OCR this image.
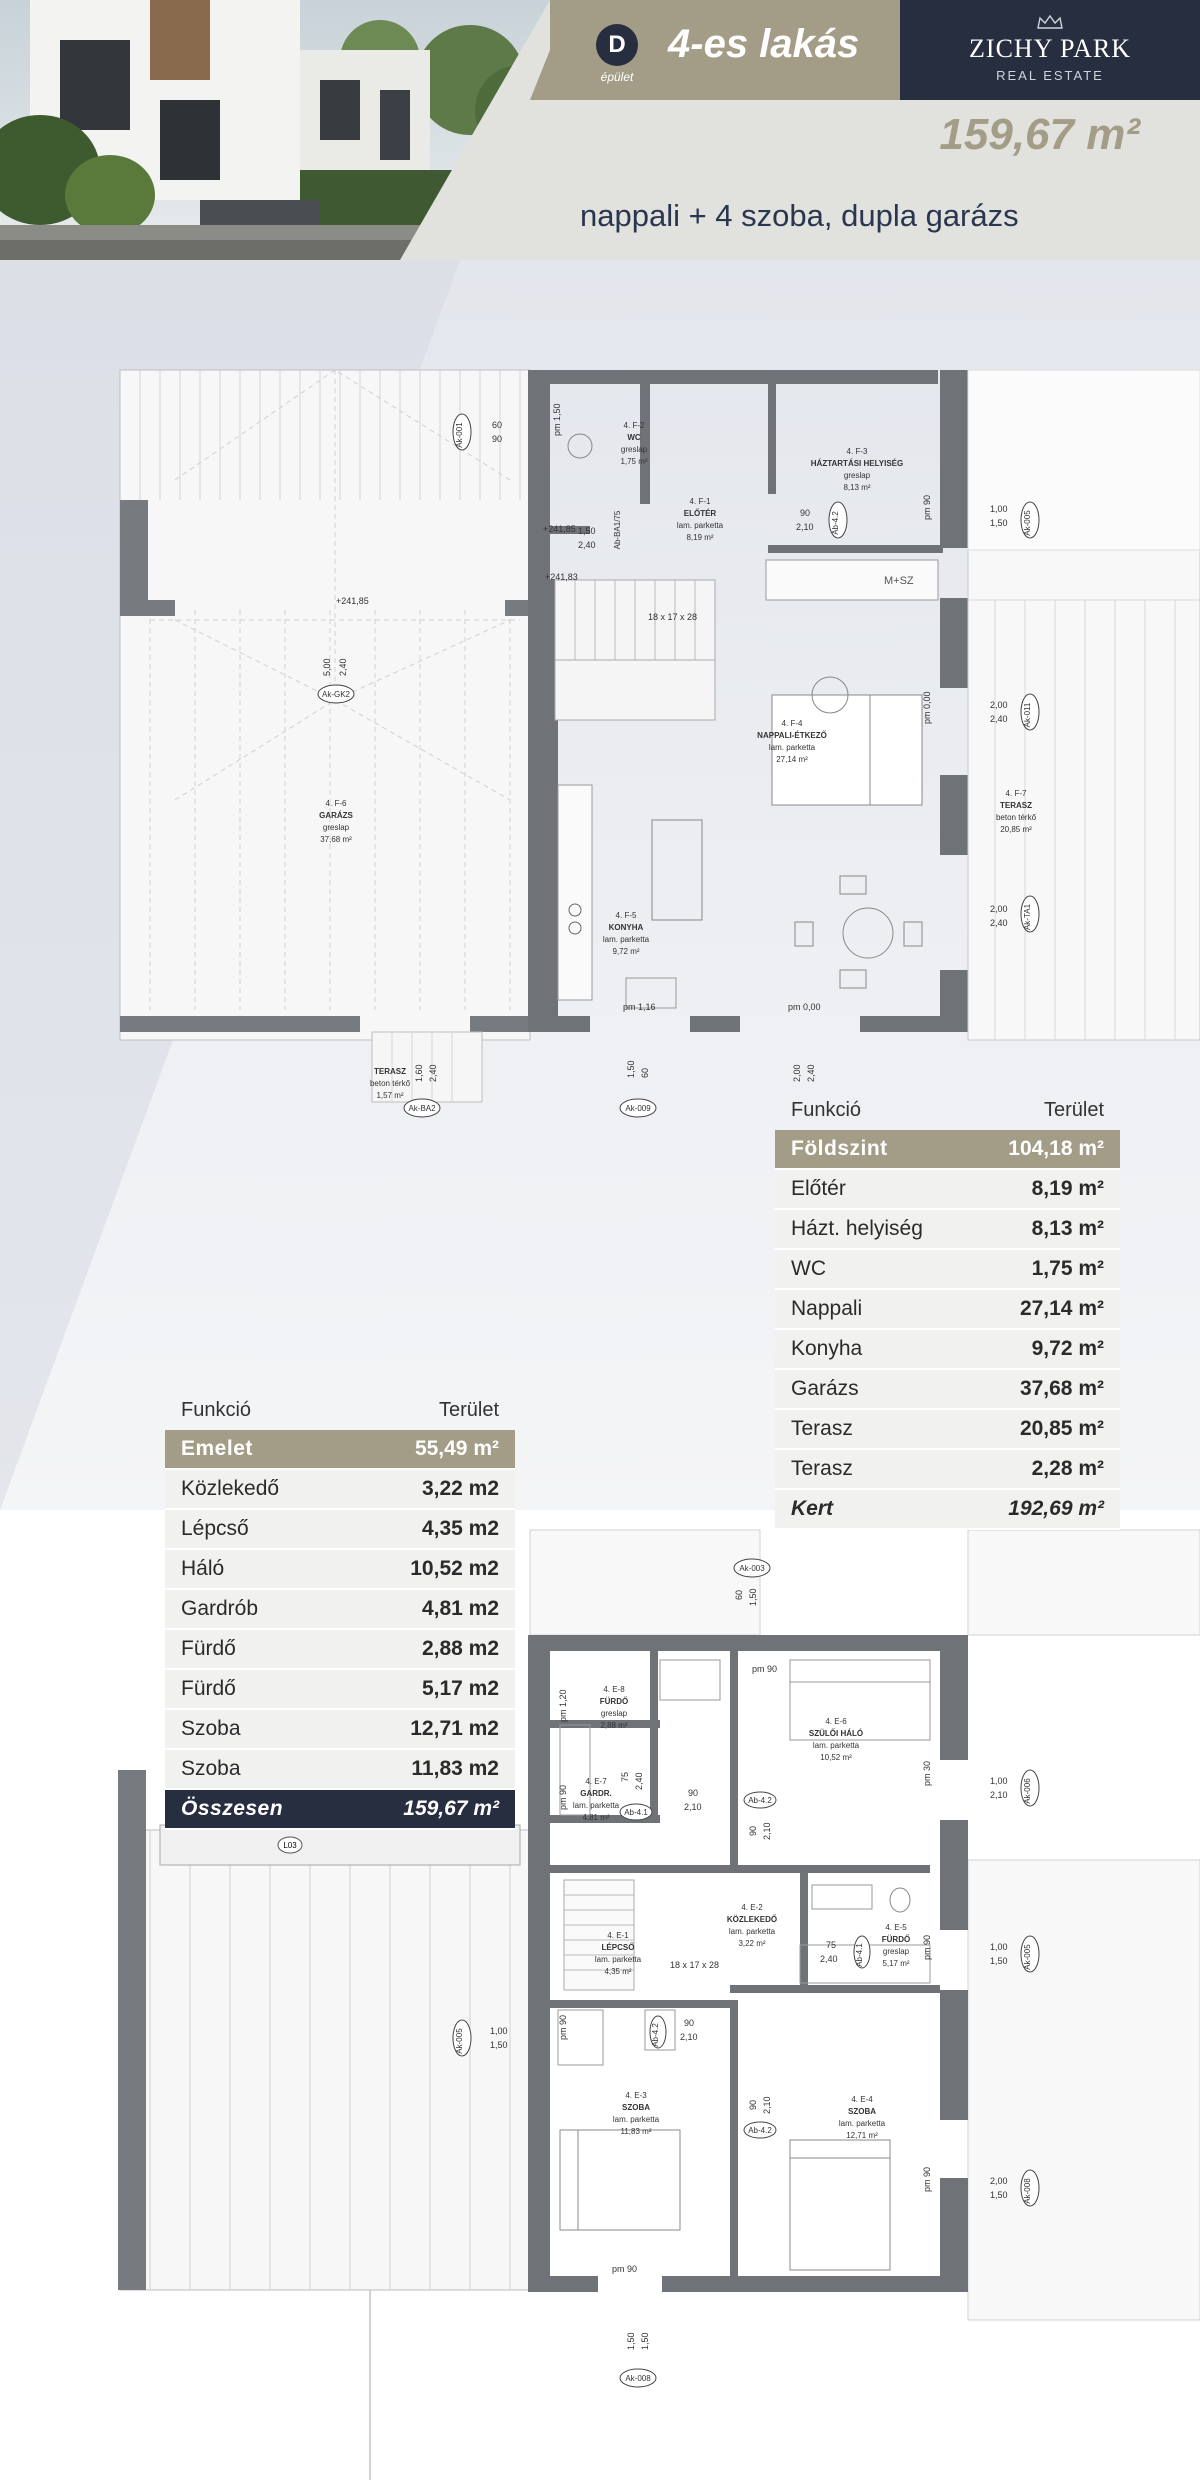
D
épület
4-es lakás	ZICHY PARK
REAL ESTATE
159,67 m²
nappali + 4 szoba, dupla garázs
M+SZ
4. F-2
WC
greslap
1,75 m²
4. F-3
HÁZTARTÁSI HELYISÉG
greslap
8,13 m²
4. F-1
ELŐTÉR
lam. parketta
8,19 m²
4. F-4
NAPPALI-ÉTKEZŐ
lam. parketta
27,14 m²
4. F-6
GARÁZS
greslap
37,68 m²
4. F-5
KONYHA
lam. parketta
9,72 m²
4. F-7
TERASZ
beton térkő
20,85 m²
TERASZ
beton térkő
1,57 m²
60
90
pm 1,50
+241,85 1,50
2,40
90
2,10
pm 90	1,00
1,50
18 x 17 x 28
5,00 2,40
pm 0,00	2,00
2,40
2,00
2,40
pm 1,16	pm 0,00
1,50 60	2,00 2,40
1,60 2,40
+241,83
+241,85
Ak-001
Ak-GK2
Ak-BA2	Ak-009
Ak-005
Ak-011
Ak-TA1
Ab-4.2
Ab-BA1/75
L03
4. E-8
FÜRDŐ
greslap
2,88 m²	4. E-6
SZÜLŐI HÁLÓ
lam. parketta
10,52 m²
4. E-7
GARDR.
lam. parketta
4,81 m²
4. E-2
KÖZLEKEDŐ
lam. parketta
3,22 m²
4. E-5
FÜRDŐ
greslap
5,17 m²
4. E-1
LÉPCSŐ
lam. parketta
4,35 m²
4. E-3
SZOBA
lam. parketta
11,83 m²
4. E-4
SZOBA
lam. parketta
12,71 m²
60 1,50
pm 90
pm 1,20
pm 90
75 2,40
90
2,10
90 2,10
pm 30	1,00
2,10
18 x 17 x 28
75
2,40	pm 90	1,00
1,50
pm 90
1,00
1,50
90
2,10
90 2,10
pm 90
2,00
1,50
pm 90
1,50 1,50
Ak-003
Ak-006
Ak-005
Ak-008
Ak-008
Ak-005
Ab-4.1
Ab-4.2
Ab-4.1
Ab-4.2
Ab-4.2
Funkció	Terület
Földszint	104,18 m²
Előtér	8,19 m²
Házt. helyiség	8,13 m²
WC	1,75 m²
Nappali	27,14 m²
Konyha	9,72 m²
Garázs	37,68 m²
Terasz	20,85 m²
Terasz	2,28 m²
Kert	192,69 m²
Funkció	Terület
Emelet	55,49 m²
Közlekedő	3,22 m2
Lépcső	4,35 m2
Háló	10,52 m2
Gardrób	4,81 m2
Fürdő	2,88 m2
Fürdő	5,17 m2
Szoba	12,71 m2
Szoba	11,83 m2
Összesen	159,67 m²
